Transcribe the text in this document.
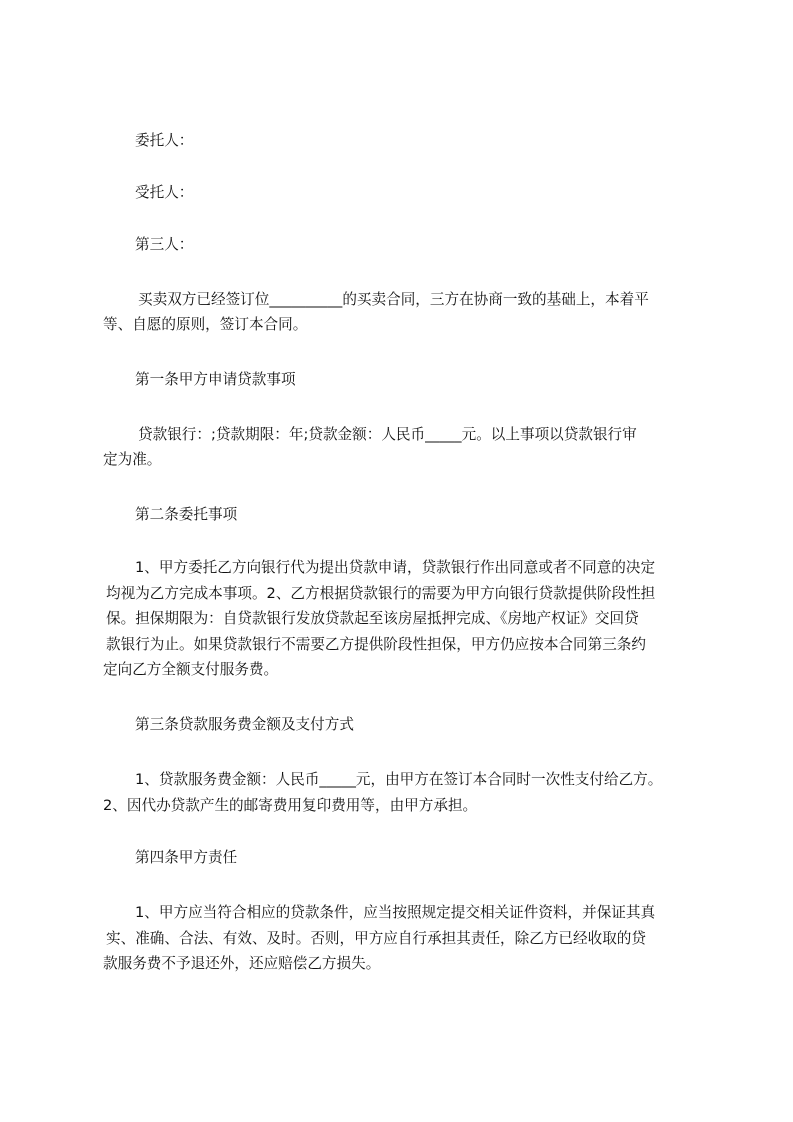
委托人：
受托人：
第三人：
买卖双方已经签订位__________的买卖合同，三方在协商一致的基础上，本着平
等、自愿的原则，签订本合同。
第一条甲方申请贷款事项
贷款银行：;贷款期限：年;贷款金额：人民币_____元。以上事项以贷款银行审
定为准。
第二条委托事项
1、甲方委托乙方向银行代为提出贷款申请，贷款银行作出同意或者不同意的决定
均视为乙方完成本事项。2、乙方根据贷款银行的需要为甲方向银行贷款提供阶段性担
保。担保期限为：自贷款银行发放贷款起至该房屋抵押完成、《房地产权证》交回贷
款银行为止。如果贷款银行不需要乙方提供阶段性担保，甲方仍应按本合同第三条约
定向乙方全额支付服务费。
第三条贷款服务费金额及支付方式
1、贷款服务费金额：人民币_____元，由甲方在签订本合同时一次性支付给乙方。
2、因代办贷款产生的邮寄费用复印费用等，由甲方承担。
第四条甲方责任
1、甲方应当符合相应的贷款条件，应当按照规定提交相关证件资料，并保证其真
实、准确、合法、有效、及时。否则，甲方应自行承担其责任，除乙方已经收取的贷
款服务费不予退还外，还应赔偿乙方损失。
